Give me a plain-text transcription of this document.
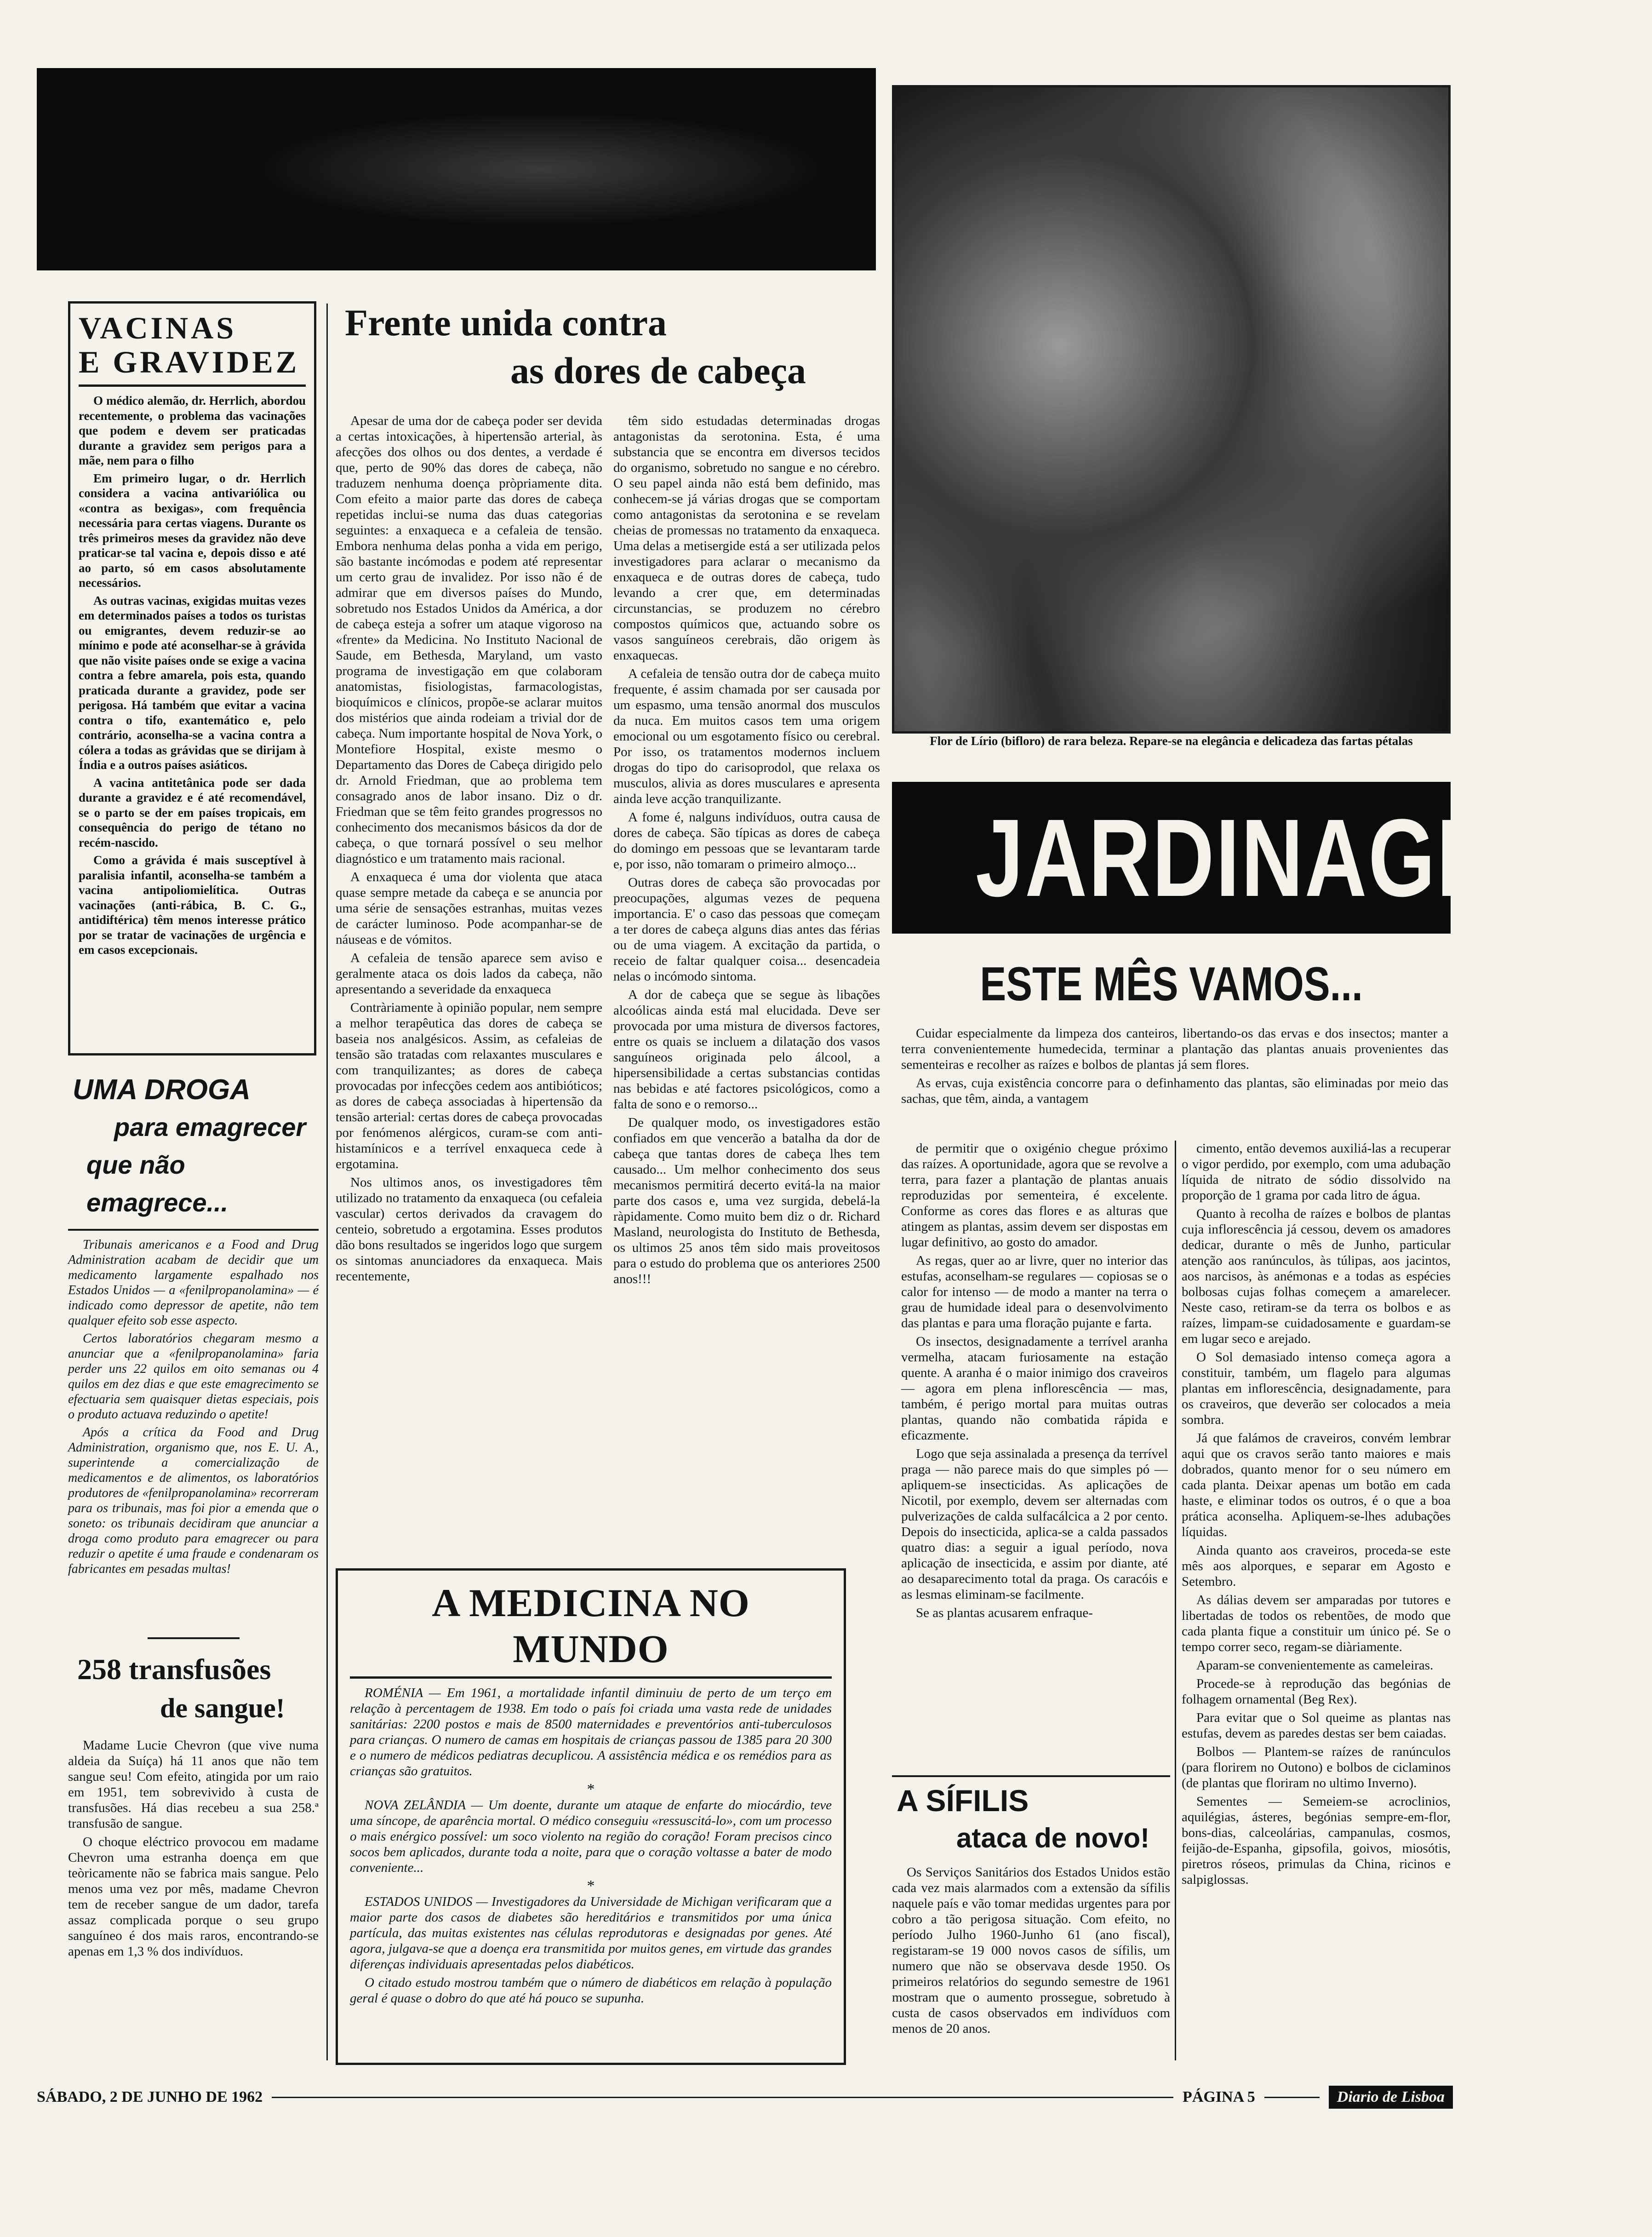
VACINAS
E GRAVIDEZ

O médico alemão, dr. Herrlich, abordou recentemente, o problema das vacinações que podem e devem ser praticadas durante a gravidez sem perigos para a mãe, nem para o filho

Em primeiro lugar, o dr. Herrlich considera a vacina antivariólica ou «contra as bexigas», com frequência necessária para certas viagens. Durante os três primeiros meses da gravidez não deve praticar-se tal vacina e, depois disso e até ao parto, só em casos absolutamente necessários.

As outras vacinas, exigidas muitas vezes em determinados países a todos os turistas ou emigrantes, devem reduzir-se ao mínimo e pode até aconselhar-se à grávida que não visite países onde se exige a vacina contra a febre amarela, pois esta, quando praticada durante a gravidez, pode ser perigosa. Há também que evitar a vacina contra o tifo, exantemático e, pelo contrário, aconselha-se a vacina contra a cólera a todas as grávidas que se dirijam à Índia e a outros países asiáticos.

A vacina antitetânica pode ser dada durante a gravidez e é até recomendável, se o parto se der em países tropicais, em consequência do perigo de tétano no recém-nascido.

Como a grávida é mais susceptível à paralisia infantil, aconselha-se também a vacina antipoliomielítica. Outras vacinações (anti-rábica, B. C. G., antidiftérica) têm menos interesse prático por se tratar de vacinações de urgência e em casos excepcionais.

UMA DROGA
para emagrecer
que não emagrece...

Tribunais americanos e a Food and Drug Administration acabam de decidir que um medicamento largamente espalhado nos Estados Unidos — a «fenilpropanolamina» — é indicado como depressor de apetite, não tem qualquer efeito sob esse aspecto.

Certos laboratórios chegaram mesmo a anunciar que a «fenilpropanolamina» faria perder uns 22 quilos em oito semanas ou 4 quilos em dez dias e que este emagrecimento se efectuaria sem quaisquer dietas especiais, pois o produto actuava reduzindo o apetite!

Após a crítica da Food and Drug Administration, organismo que, nos E. U. A., superintende a comercialização de medicamentos e de alimentos, os laboratórios produtores de «fenilpropanolamina» recorreram para os tribunais, mas foi pior a emenda que o soneto: os tribunais decidiram que anunciar a droga como produto para emagrecer ou para reduzir o apetite é uma fraude e condenaram os fabricantes em pesadas multas!

258 transfusões
de sangue!

Madame Lucie Chevron (que vive numa aldeia da Suíça) há 11 anos que não tem sangue seu! Com efeito, atingida por um raio em 1951, tem sobrevivido à custa de transfusões. Há dias recebeu a sua 258.ª transfusão de sangue.

O choque eléctrico provocou em madame Chevron uma estranha doença em que teòricamente não se fabrica mais sangue. Pelo menos uma vez por mês, madame Chevron tem de receber sangue de um dador, tarefa assaz complicada porque o seu grupo sanguíneo é dos mais raros, encontrando-se apenas em 1,3 % dos indivíduos.

Frente unida contra
as dores de cabeça

Apesar de uma dor de cabeça poder ser devida a certas intoxicações, à hipertensão arterial, às afecções dos olhos ou dos dentes, a verdade é que, perto de 90% das dores de cabeça, não traduzem nenhuma doença pròpriamente dita. Com efeito a maior parte das dores de cabeça repetidas inclui-se numa das duas categorias seguintes: a enxaqueca e a cefaleia de tensão. Embora nenhuma delas ponha a vida em perigo, são bastante incómodas e podem até representar um certo grau de invalidez. Por isso não é de admirar que em diversos países do Mundo, sobretudo nos Estados Unidos da América, a dor de cabeça esteja a sofrer um ataque vigoroso na «frente» da Medicina. No Instituto Nacional de Saude, em Bethesda, Maryland, um vasto programa de investigação em que colaboram anatomistas, fisiologistas, farmacologistas, bioquímicos e clínicos, propõe-se aclarar muitos dos mistérios que ainda rodeiam a trivial dor de cabeça. Num importante hospital de Nova York, o Montefiore Hospital, existe mesmo o Departamento das Dores de Cabeça dirigido pelo dr. Arnold Friedman, que ao problema tem consagrado anos de labor insano. Diz o dr. Friedman que se têm feito grandes progressos no conhecimento dos mecanismos básicos da dor de cabeça, o que tornará possível o seu melhor diagnóstico e um tratamento mais racional.

A enxaqueca é uma dor violenta que ataca quase sempre metade da cabeça e se anuncia por uma série de sensações estranhas, muitas vezes de carácter luminoso. Pode acompanhar-se de náuseas e de vómitos.

A cefaleia de tensão aparece sem aviso e geralmente ataca os dois lados da cabeça, não apresentando a severidade da enxaqueca

Contràriamente à opinião popular, nem sempre a melhor terapêutica das dores de cabeça se baseia nos analgésicos. Assim, as cefaleias de tensão são tratadas com relaxantes musculares e com tranquilizantes; as dores de cabeça provocadas por infecções cedem aos antibióticos; as dores de cabeça associadas à hipertensão da tensão arterial: certas dores de cabeça provocadas por fenómenos alérgicos, curam-se com anti-histamínicos e a terrível enxaqueca cede à ergotamina.

Nos ultimos anos, os investigadores têm utilizado no tratamento da enxaqueca (ou cefaleia vascular) certos derivados da cravagem do centeio, sobretudo a ergotamina. Esses produtos dão bons resultados se ingeridos logo que surgem os sintomas anunciadores da enxaqueca. Mais recentemente,

têm sido estudadas determinadas drogas antagonistas da serotonina. Esta, é uma substancia que se encontra em diversos tecidos do organismo, sobretudo no sangue e no cérebro. O seu papel ainda não está bem definido, mas conhecem-se já várias drogas que se comportam como antagonistas da serotonina e se revelam cheias de promessas no tratamento da enxaqueca. Uma delas a metisergide está a ser utilizada pelos investigadores para aclarar o mecanismo da enxaqueca e de outras dores de cabeça, tudo levando a crer que, em determinadas circunstancias, se produzem no cérebro compostos químicos que, actuando sobre os vasos sanguíneos cerebrais, dão origem às enxaquecas.

A cefaleia de tensão outra dor de cabeça muito frequente, é assim chamada por ser causada por um espasmo, uma tensão anormal dos musculos da nuca. Em muitos casos tem uma origem emocional ou um esgotamento físico ou cerebral. Por isso, os tratamentos modernos incluem drogas do tipo do carisoprodol, que relaxa os musculos, alivia as dores musculares e apresenta ainda leve acção tranquilizante.

A fome é, nalguns indivíduos, outra causa de dores de cabeça. São típicas as dores de cabeça do domingo em pessoas que se levantaram tarde e, por isso, não tomaram o primeiro almoço...

Outras dores de cabeça são provocadas por preocupações, algumas vezes de pequena importancia. E' o caso das pessoas que começam a ter dores de cabeça alguns dias antes das férias ou de uma viagem. A excitação da partida, o receio de faltar qualquer coisa... desencadeia nelas o incómodo sintoma.

A dor de cabeça que se segue às libações alcoólicas ainda está mal elucidada. Deve ser provocada por uma mistura de diversos factores, entre os quais se incluem a dilatação dos vasos sanguíneos originada pelo álcool, a hipersensibilidade a certas substancias contidas nas bebidas e até factores psicológicos, como a falta de sono e o remorso...

De qualquer modo, os investigadores estão confiados em que vencerão a batalha da dor de cabeça que tantas dores de cabeça lhes tem causado... Um melhor conhecimento dos seus mecanismos permitirá decerto evitá-la na maior parte dos casos e, uma vez surgida, debelá-la ràpidamente. Como muito bem diz o dr. Richard Masland, neurologista do Instituto de Bethesda, os ultimos 25 anos têm sido mais proveitosos para o estudo do problema que os anteriores 2500 anos!!!

A MEDICINA NO MUNDO

ROMÉNIA — Em 1961, a mortalidade infantil diminuiu de perto de um terço em relação à percentagem de 1938. Em todo o país foi criada uma vasta rede de unidades sanitárias: 2200 postos e mais de 8500 maternidades e preventórios anti-tuberculosos para crianças. O numero de camas em hospitais de crianças passou de 1385 para 20 300 e o numero de médicos pediatras decuplicou. A assistência médica e os remédios para as crianças são gratuitos.

*

NOVA ZELÂNDIA — Um doente, durante um ataque de enfarte do miocárdio, teve uma síncope, de aparência mortal. O médico conseguiu «ressuscitá-lo», com um processo o mais enérgico possível: um soco violento na região do coração! Foram precisos cinco socos bem aplicados, durante toda a noite, para que o coração voltasse a bater de modo conveniente...

*

ESTADOS UNIDOS — Investigadores da Universidade de Michigan verificaram que a maior parte dos casos de diabetes são hereditários e transmitidos por uma única partícula, das muitas existentes nas células reprodutoras e designadas por genes. Até agora, julgava-se que a doença era transmitida por muitos genes, em virtude das grandes diferenças individuais apresentadas pelos diabéticos.

O citado estudo mostrou também que o número de diabéticos em relação à população geral é quase o dobro do que até há pouco se supunha.

Flor de Lírio (bifloro) de rara beleza. Repare-se na elegância e delicadeza das fartas pétalas
JARDINAGEM
ESTE MÊS VAMOS...

Cuidar especialmente da limpeza dos canteiros, libertando-os das ervas e dos insectos; manter a terra convenientemente humedecida, terminar a plantação das plantas anuais provenientes das sementeiras e recolher as raízes e bolbos de plantas já sem flores.

As ervas, cuja existência concorre para o definhamento das plantas, são eliminadas por meio das sachas, que têm, ainda, a vantagem

de permitir que o oxigénio chegue próximo das raízes. A oportunidade, agora que se revolve a terra, para fazer a plantação de plantas anuais reproduzidas por sementeira, é excelente. Conforme as cores das flores e as alturas que atingem as plantas, assim devem ser dispostas em lugar definitivo, ao gosto do amador.

As regas, quer ao ar livre, quer no interior das estufas, aconselham-se regulares — copiosas se o calor for intenso — de modo a manter na terra o grau de humidade ideal para o desenvolvimento das plantas e para uma floração pujante e farta.

Os insectos, designadamente a terrível aranha vermelha, atacam furiosamente na estação quente. A aranha é o maior inimigo dos craveiros — agora em plena inflorescência — mas, também, é perigo mortal para muitas outras plantas, quando não combatida rápida e eficazmente.

Logo que seja assinalada a presença da terrível praga — não parece mais do que simples pó — apliquem-se insecticidas. As aplicações de Nicotil, por exemplo, devem ser alternadas com pulverizações de calda sulfacálcica a 2 por cento. Depois do insecticida, aplica-se a calda passados quatro dias: a seguir a igual período, nova aplicação de insecticida, e assim por diante, até ao desaparecimento total da praga. Os caracóis e as lesmas eliminam-se facilmente.

Se as plantas acusarem enfraque-

cimento, então devemos auxiliá-las a recuperar o vigor perdido, por exemplo, com uma adubação líquida de nitrato de sódio dissolvido na proporção de 1 grama por cada litro de água.

Quanto à recolha de raízes e bolbos de plantas cuja inflorescência já cessou, devem os amadores dedicar, durante o mês de Junho, particular atenção aos ranúnculos, às túlipas, aos jacintos, aos narcisos, às anémonas e a todas as espécies bolbosas cujas folhas começem a amarelecer. Neste caso, retiram-se da terra os bolbos e as raízes, limpam-se cuidadosamente e guardam-se em lugar seco e arejado.

O Sol demasiado intenso começa agora a constituir, também, um flagelo para algumas plantas em inflorescência, designadamente, para os craveiros, que deverão ser colocados a meia sombra.

Já que falámos de craveiros, convém lembrar aqui que os cravos serão tanto maiores e mais dobrados, quanto menor for o seu número em cada planta. Deixar apenas um botão em cada haste, e eliminar todos os outros, é o que a boa prática aconselha. Apliquem-se-lhes adubações líquidas.

Ainda quanto aos craveiros, proceda-se este mês aos alporques, e separar em Agosto e Setembro.

As dálias devem ser amparadas por tutores e libertadas de todos os rebentões, de modo que cada planta fique a constituir um único pé. Se o tempo correr seco, regam-se diàriamente.

Aparam-se convenientemente as cameleiras.

Procede-se à reprodução das begónias de folhagem ornamental (Beg Rex).

Para evitar que o Sol queime as plantas nas estufas, devem as paredes destas ser bem caiadas.

Bolbos — Plantem-se raízes de ranúnculos (para florirem no Outono) e bolbos de ciclaminos (de plantas que floriram no ultimo Inverno).

Sementes — Semeiem-se acroclinios, aquilégias, ásteres, begónias sempre-em-flor, bons-dias, calceolárias, campanulas, cosmos, feijão-de-Espanha, gipsofila, goivos, miosótis, piretros róseos, primulas da China, ricinos e salpiglossas.

A SÍFILIS
ataca de novo!

Os Serviços Sanitários dos Estados Unidos estão cada vez mais alarmados com a extensão da sífilis naquele país e vão tomar medidas urgentes para por cobro a tão perigosa situação. Com efeito, no período Julho 1960-Junho 61 (ano fiscal), registaram-se 19 000 novos casos de sífilis, um numero que não se observava desde 1950. Os primeiros relatórios do segundo semestre de 1961 mostram que o aumento prossegue, sobretudo à custa de casos observados em indivíduos com menos de 20 anos.

SÁBADO, 2 DE JUNHO DE 1962	PÁGINA 5	Diario de Lisboa
